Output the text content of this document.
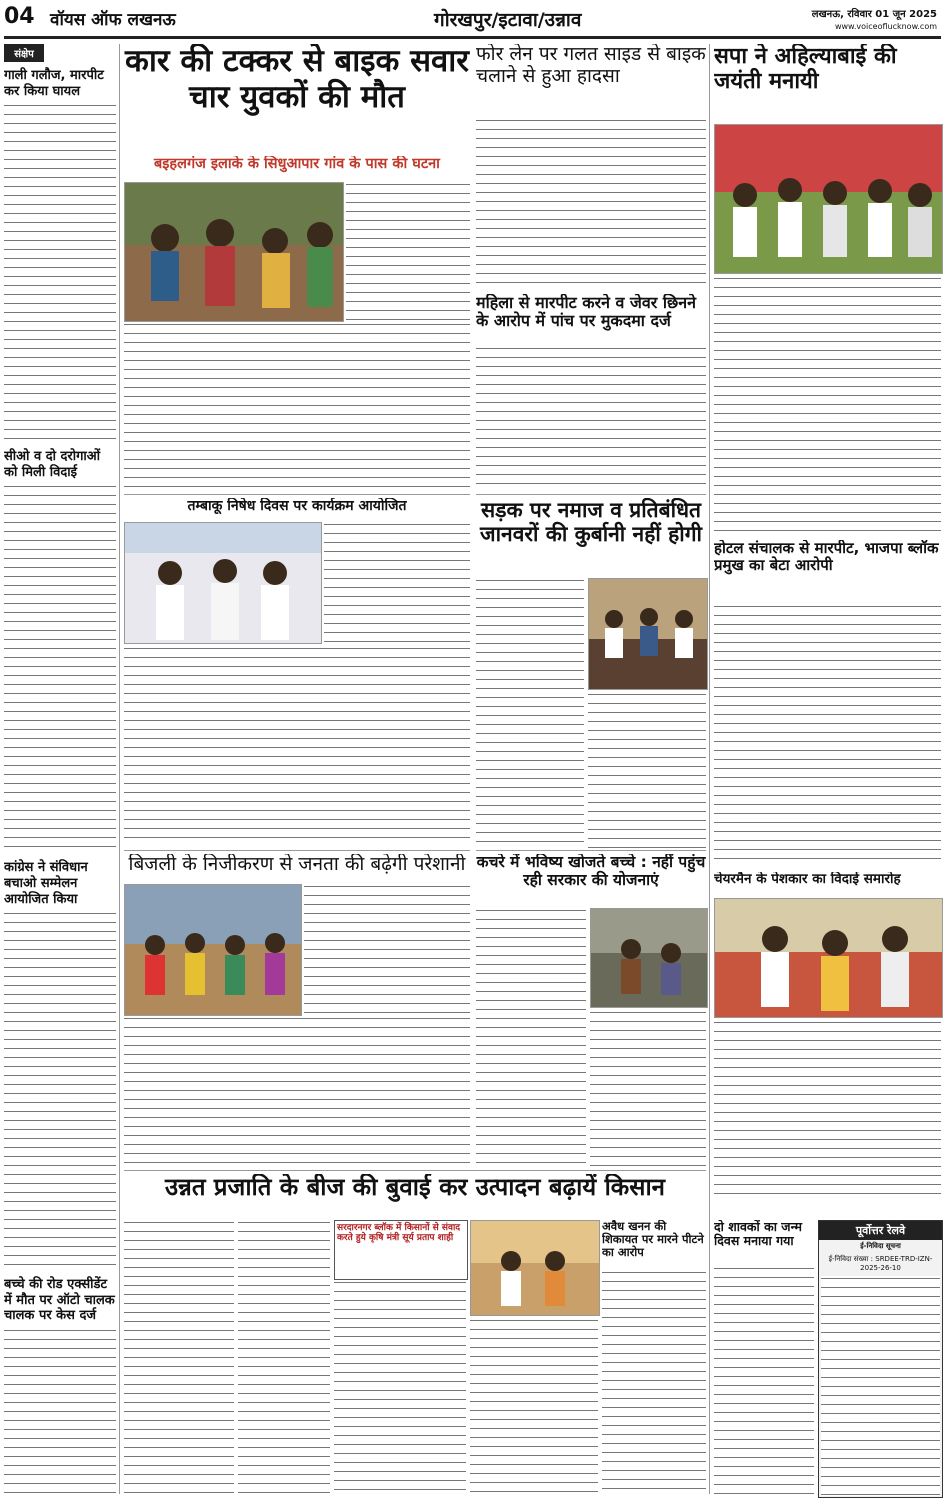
04 वॉयस ऑफ लखनऊ	गोरखपुर/इटावा/उन्नाव	लखनऊ, रविवार 01 जून 2025
www.voiceoflucknow.com
संक्षेप
गाली गलौज, मारपीट कर किया घायल
सीओ व दो दरोगाओं को मिली विदाई
कांग्रेस ने संविधान बचाओ सम्मेलन आयोजित किया
बच्चे की रोड एक्सीडेंट में मौत पर ऑटो चालक चालक पर केस दर्ज
कार की टक्कर से बाइक सवार चार युवकों की मौत
बइहलगंज इलाके के सिधुआपार गांव के पास की घटना
फोर लेन पर गलत साइड से बाइक चलाने से हुआ हादसा
महिला से मारपीट करने व जेवर छिनने के आरोप में पांच पर मुकदमा दर्ज
सपा ने अहिल्याबाई की जयंती मनायी
होटल संचालक से मारपीट, भाजपा ब्लॉक प्रमुख का बेटा आरोपी
चेयरमैन के पेशकार का विदाई समारोह
तम्बाकू निषेध दिवस पर कार्यक्रम आयोजित	सड़क पर नमाज व प्रतिबंधित जानवरों की कुर्बानी नहीं होगी
बिजली के निजीकरण से जनता की बढ़ेगी परेशानी कचरे में भविष्य खोजते बच्चे : नहीं पहुंच रही सरकार की योजनाएं
उन्नत प्रजाति के बीज की बुवाई कर उत्पादन बढ़ायें किसान
सरदारनगर ब्लॉक में किसानों से संवाद करते हुये कृषि मंत्री सूर्य प्रताप शाही
अवैध खनन की शिकायत पर मारने पीटने का आरोप
दो शावकों का जन्म दिवस मनाया गया
पूर्वोत्तर रेलवे
ई-निविदा सूचना
ई-निविदा संख्या : SRDEE-TRD-IZN-2025-26-10
